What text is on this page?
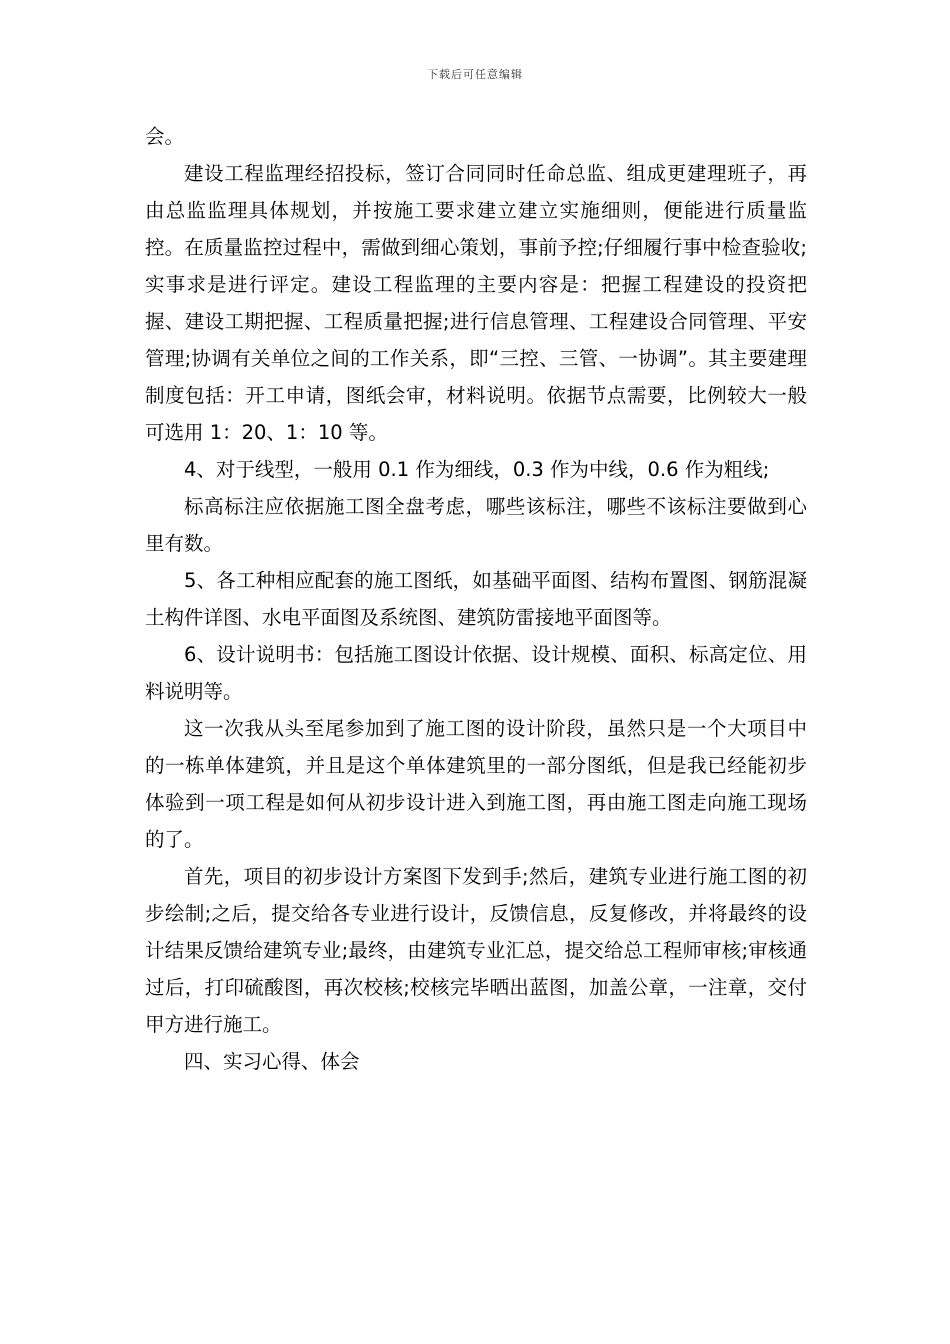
下载后可任意编辑

会。

建设工程监理经招投标，签订合同同时任命总监、组成更建理班子，再由总监监理具体规划，并按施工要求建立建立实施细则，便能进行质量监控。在质量监控过程中，需做到细心策划，事前予控;仔细履行事中检查验收;实事求是进行评定。建设工程监理的主要内容是：把握工程建设的投资把握、建设工期把握、工程质量把握;进行信息管理、工程建设合同管理、平安管理;协调有关单位之间的工作关系，即“三控、三管、一协调”。其主要建理制度包括：开工申请，图纸会审，材料说明。依据节点需要，比例较大一般可选用 1：20、1：10 等。

4、对于线型，一般用 0.1 作为细线，0.3 作为中线，0.6 作为粗线;

标高标注应依据施工图全盘考虑，哪些该标注，哪些不该标注要做到心里有数。

5、各工种相应配套的施工图纸，如基础平面图、结构布置图、钢筋混凝土构件详图、水电平面图及系统图、建筑防雷接地平面图等。

6、设计说明书：包括施工图设计依据、设计规模、面积、标高定位、用料说明等。

这一次我从头至尾参加到了施工图的设计阶段，虽然只是一个大项目中的一栋单体建筑，并且是这个单体建筑里的一部分图纸，但是我已经能初步体验到一项工程是如何从初步设计进入到施工图，再由施工图走向施工现场的了。

首先，项目的初步设计方案图下发到手;然后，建筑专业进行施工图的初步绘制;之后，提交给各专业进行设计，反馈信息，反复修改，并将最终的设计结果反馈给建筑专业;最终，由建筑专业汇总，提交给总工程师审核;审核通过后，打印硫酸图，再次校核;校核完毕晒出蓝图，加盖公章，一注章，交付甲方进行施工。

四、实习心得、体会
